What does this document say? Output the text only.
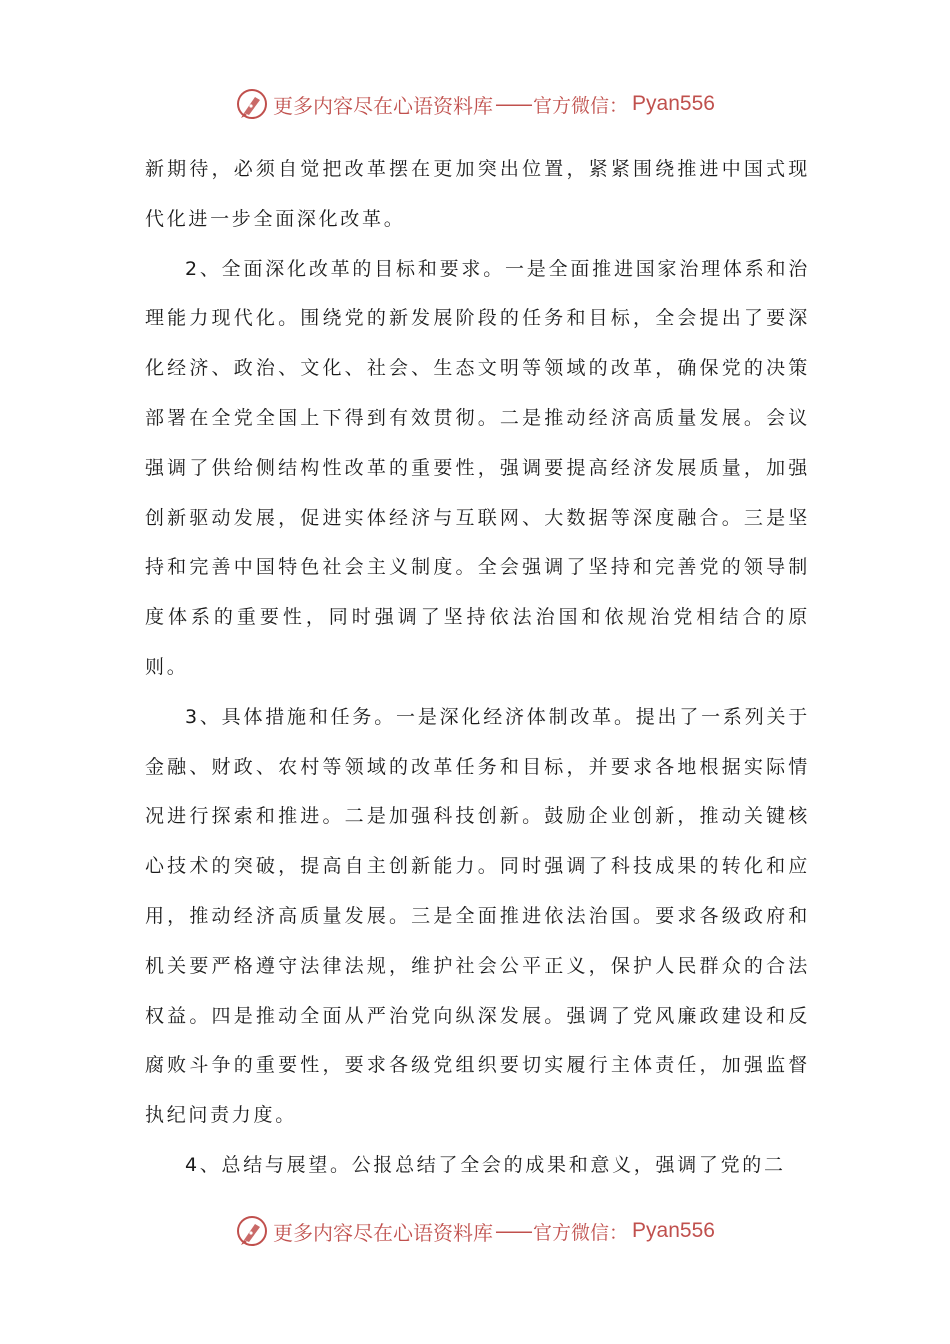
更多内容尽在心语资料库 —— 官方微信： Pyan556

新期待，必须自觉把改革摆在更加突出位置，紧紧围绕推进中国式现代化进一步全面深化改革。

2、全面深化改革的目标和要求。一是全面推进国家治理体系和治理能力现代化。围绕党的新发展阶段的任务和目标，全会提出了要深化经济、政治、文化、社会、生态文明等领域的改革，确保党的决策部署在全党全国上下得到有效贯彻。二是推动经济高质量发展。会议强调了供给侧结构性改革的重要性，强调要提高经济发展质量，加强创新驱动发展，促进实体经济与互联网、大数据等深度融合。三是坚持和完善中国特色社会主义制度。全会强调了坚持和完善党的领导制度体系的重要性，同时强调了坚持依法治国和依规治党相结合的原则。

3、具体措施和任务。一是深化经济体制改革。提出了一系列关于金融、财政、农村等领域的改革任务和目标，并要求各地根据实际情况进行探索和推进。二是加强科技创新。鼓励企业创新，推动关键核心技术的突破，提高自主创新能力。同时强调了科技成果的转化和应用，推动经济高质量发展。三是全面推进依法治国。要求各级政府和机关要严格遵守法律法规，维护社会公平正义，保护人民群众的合法权益。四是推动全面从严治党向纵深发展。强调了党风廉政建设和反腐败斗争的重要性，要求各级党组织要切实履行主体责任，加强监督执纪问责力度。

4、总结与展望。公报总结了全会的成果和意义，强调了党的二

更多内容尽在心语资料库 —— 官方微信： Pyan556
